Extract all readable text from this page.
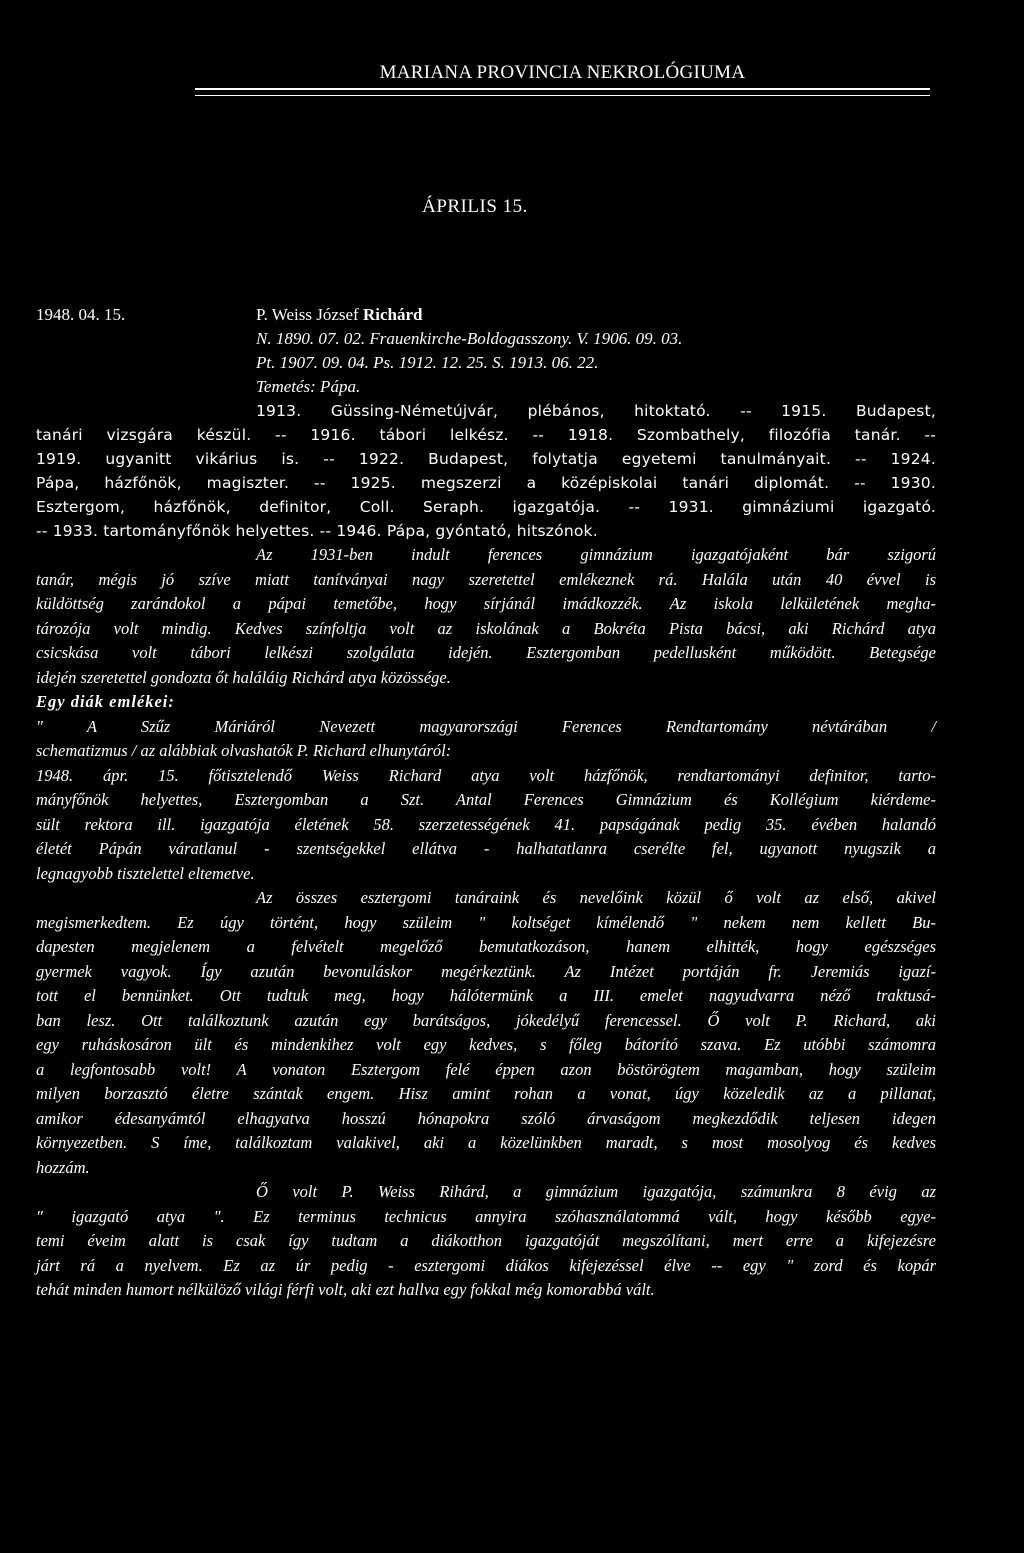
MARIANA PROVINCIA NEKROLÓGIUMA
ÁPRILIS 15.
1948. 04. 15.	P. Weiss József Richárd
N. 1890. 07. 02. Frauenkirche-Boldogasszony. V. 1906. 09. 03.
Pt. 1907. 09. 04. Ps. 1912. 12. 25. S. 1913. 06. 22.
Temetés: Pápa.
1913. Güssing-Németújvár, plébános, hitoktató. -- 1915. Budapest,
tanári vizsgára készül. -- 1916. tábori lelkész. -- 1918. Szombathely, filozófia tanár. --
1919. ugyanitt vikárius is. -- 1922. Budapest, folytatja egyetemi tanulmányait. -- 1924.
Pápa, házfőnök, magiszter. -- 1925. megszerzi a középiskolai tanári diplomát. -- 1930.
Esztergom, házfőnök, definitor, Coll. Seraph. igazgatója. -- 1931. gimnáziumi igazgató.
-- 1933. tartományfőnök helyettes. -- 1946. Pápa, gyóntató, hitszónok.
Az 1931-ben indult ferences gimnázium igazgatójaként bár szigorú
tanár, mégis jó szíve miatt tanítványai nagy szeretettel emlékeznek rá. Halála után 40 évvel is
küldöttség zarándokol a pápai temetőbe, hogy sírjánál imádkozzék. Az iskola lelkületének megha-
tározója volt mindig. Kedves színfoltja volt az iskolának a Bokréta Pista bácsi, aki Richárd atya
csicskása volt tábori lelkészi szolgálata idején. Esztergomban pedellusként működött. Betegsége
idején szeretettel gondozta őt haláláig Richárd atya közössége.
Egy diák emlékei:
" A Szűz Máriáról Nevezett magyarországi Ferences Rendtartomány névtárában /
schematizmus / az alábbiak olvashatók P. Richard elhunytáról:
1948. ápr. 15. főtisztelendő Weiss Richard atya volt házfőnök, rendtartományi definitor, tarto-
mányfőnök helyettes, Esztergomban a Szt. Antal Ferences Gimnázium és Kollégium kiérdeme-
sült rektora ill. igazgatója életének 58. szerzetességének 41. papságának pedig 35. évében halandó
életét Pápán váratlanul - szentségekkel ellátva - halhatatlanra cserélte fel, ugyanott nyugszik a
legnagyobb tisztelettel eltemetve.
Az összes esztergomi tanáraink és nevelőink közül ő volt az első, akivel
megismerkedtem. Ez úgy történt, hogy szüleim " koltséget kímélendő " nekem nem kellett Bu-
dapesten megjelenem a felvételt megelőző bemutatkozáson, hanem elhitték, hogy egészséges
gyermek vagyok. Így azután bevonuláskor megérkeztünk. Az Intézet portáján fr. Jeremiás igazí-
tott el bennünket. Ott tudtuk meg, hogy hálótermünk a III. emelet nagyudvarra néző traktusá-
ban lesz. Ott találkoztunk azután egy barátságos, jókedélyű ferencessel. Ő volt P. Richard, aki
egy ruháskosáron ült és mindenkihez volt egy kedves, s főleg bátorító szava. Ez utóbbi számomra
a legfontosabb volt! A vonaton Esztergom felé éppen azon böstörögtem magamban, hogy szüleim
milyen borzasztó életre szántak engem. Hisz amint rohan a vonat, úgy közeledik az a pillanat,
amikor édesanyámtól elhagyatva hosszú hónapokra szóló árvaságom megkezdődik teljesen idegen
környezetben. S íme, találkoztam valakivel, aki a közelünkben maradt, s most mosolyog és kedves
hozzám.
Ő volt P. Weiss Rihárd, a gimnázium igazgatója, számunkra 8 évig az
" igazgató atya ". Ez terminus technicus annyira szóhasználatommá vált, hogy később egye-
temi éveim alatt is csak így tudtam a diákotthon igazgatóját megszólítani, mert erre a kifejezésre
járt rá a nyelvem. Ez az úr pedig - esztergomi diákos kifejezéssel élve -- egy " zord és kopár
tehát minden humort nélkülöző világi férfi volt, aki ezt hallva egy fokkal még komorabbá vált.
